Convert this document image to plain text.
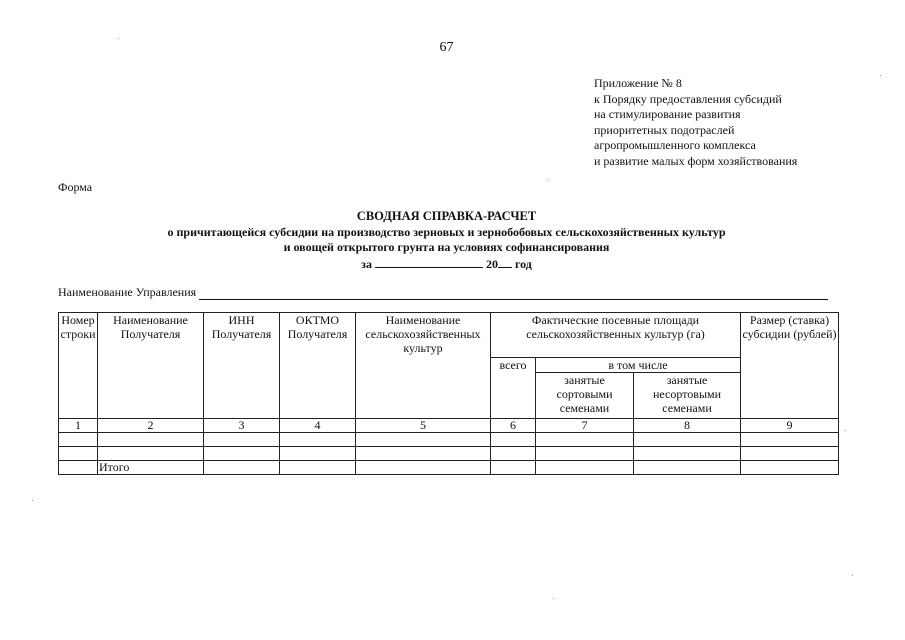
67
Приложение № 8
к Порядку предоставления субсидий
на стимулирование развития
приоритетных подотраслей
агропромышленного комплекса
и развитие малых форм хозяйствования
Форма
СВОДНАЯ СПРАВКА-РАСЧЕТ
о причитающейся субсидии на производство зерновых и зернобобовых сельскохозяйственных культур
и овощей открытого грунта на условиях софинансирования
за	20 год
Наименование Управления
Номер строки	Наименование Получателя	ИНН Получателя	ОКТМО Получателя	Наименование сельскохозяйственных культур	Фактические посевные площади сельскохозяйственных культур (га)			Размер (ставка) субсидии (рублей)
					всего	в том числе		
						занятые сортовыми семенами	занятые несортовыми семенами	
1	2	3	4	5	6	7	8	9

	Итого							
